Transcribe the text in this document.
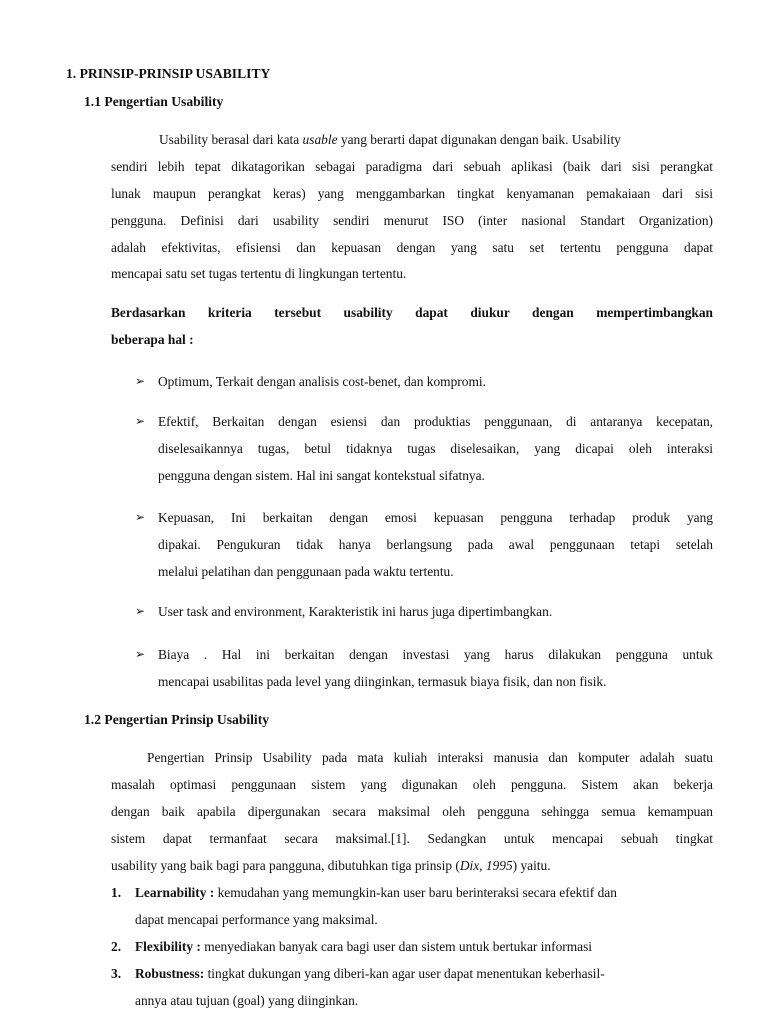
1. PRINSIP-PRINSIP USABILITY
1.1 Pengertian Usability
Usability berasal dari kata usable yang berarti dapat digunakan dengan baik. Usability
sendiri lebih tepat dikatagorikan sebagai paradigma dari sebuah aplikasi (baik dari sisi perangkat
lunak maupun perangkat keras) yang menggambarkan tingkat kenyamanan pemakaiaan dari sisi
pengguna. Definisi dari usability sendiri menurut ISO (inter nasional Standart Organization)
adalah efektivitas, efisiensi dan kepuasan dengan yang satu set tertentu pengguna dapat
mencapai satu set tugas tertentu di lingkungan tertentu.
Berdasarkan kriteria tersebut usability dapat diukur dengan mempertimbangkan
beberapa hal :
➢ Optimum, Terkait dengan analisis cost-benet, dan kompromi.
➢ Efektif, Berkaitan dengan esiensi dan produktias penggunaan, di antaranya kecepatan,
diselesaikannya tugas, betul tidaknya tugas diselesaikan, yang dicapai oleh interaksi
pengguna dengan sistem. Hal ini sangat kontekstual sifatnya.
➢ Kepuasan, Ini berkaitan dengan emosi kepuasan pengguna terhadap produk yang
dipakai. Pengukuran tidak hanya berlangsung pada awal penggunaan tetapi setelah
melalui pelatihan dan penggunaan pada waktu tertentu.
➢ User task and environment, Karakteristik ini harus juga dipertimbangkan.
➢ Biaya . Hal ini berkaitan dengan investasi yang harus dilakukan pengguna untuk
mencapai usabilitas pada level yang diinginkan, termasuk biaya fisik, dan non fisik.
1.2 Pengertian Prinsip Usability
Pengertian Prinsip Usability pada mata kuliah interaksi manusia dan komputer adalah suatu
masalah optimasi penggunaan sistem yang digunakan oleh pengguna. Sistem akan bekerja
dengan baik apabila dipergunakan secara maksimal oleh pengguna sehingga semua kemampuan
sistem dapat termanfaat secara maksimal.[1]. Sedangkan untuk mencapai sebuah tingkat
usability yang baik bagi para pangguna, dibutuhkan tiga prinsip (Dix, 1995) yaitu.
1. Learnability : kemudahan yang memungkin-kan user baru berinteraksi secara efektif dan
dapat mencapai performance yang maksimal.
2. Flexibility : menyediakan banyak cara bagi user dan sistem untuk bertukar informasi
3. Robustness: tingkat dukungan yang diberi-kan agar user dapat menentukan keberhasil-
annya atau tujuan (goal) yang diinginkan.
